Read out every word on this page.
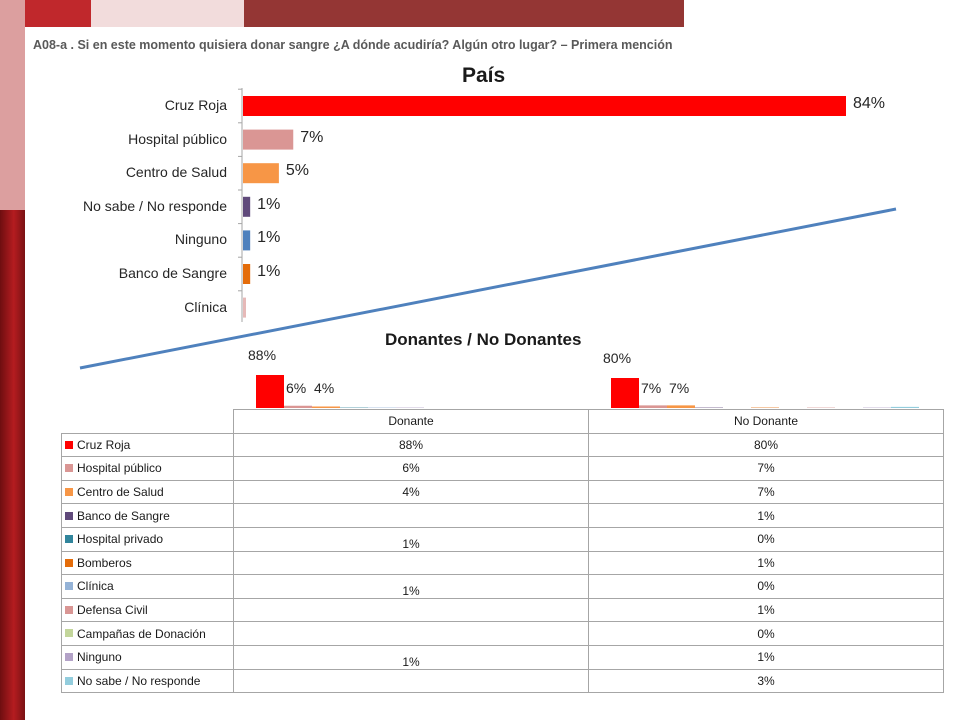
A08-a . Si en este momento quisiera donar sangre ¿A dónde acudiría? Algún otro lugar? – Primera mención
País
Cruz Roja	84%
Hospital público	7%
Centro de Salud	5%
No sabe / No responde 1%
Ninguno 1%
Banco de Sangre 1%
Clínica
Donantes / No Donantes
88%
6% 4%
80%
7% 7%
	Donante	No Donante
Cruz Roja	88%	80%
Hospital público	6%	7%
Centro de Salud	4%	7%
Banco de Sangre		1%
Hospital privado	1%	0%
Bomberos		1%
Clínica	1%	0%
Defensa Civil		1%
Campañas de Donación		0%
Ninguno	1%	1%
No sabe / No responde		3%
